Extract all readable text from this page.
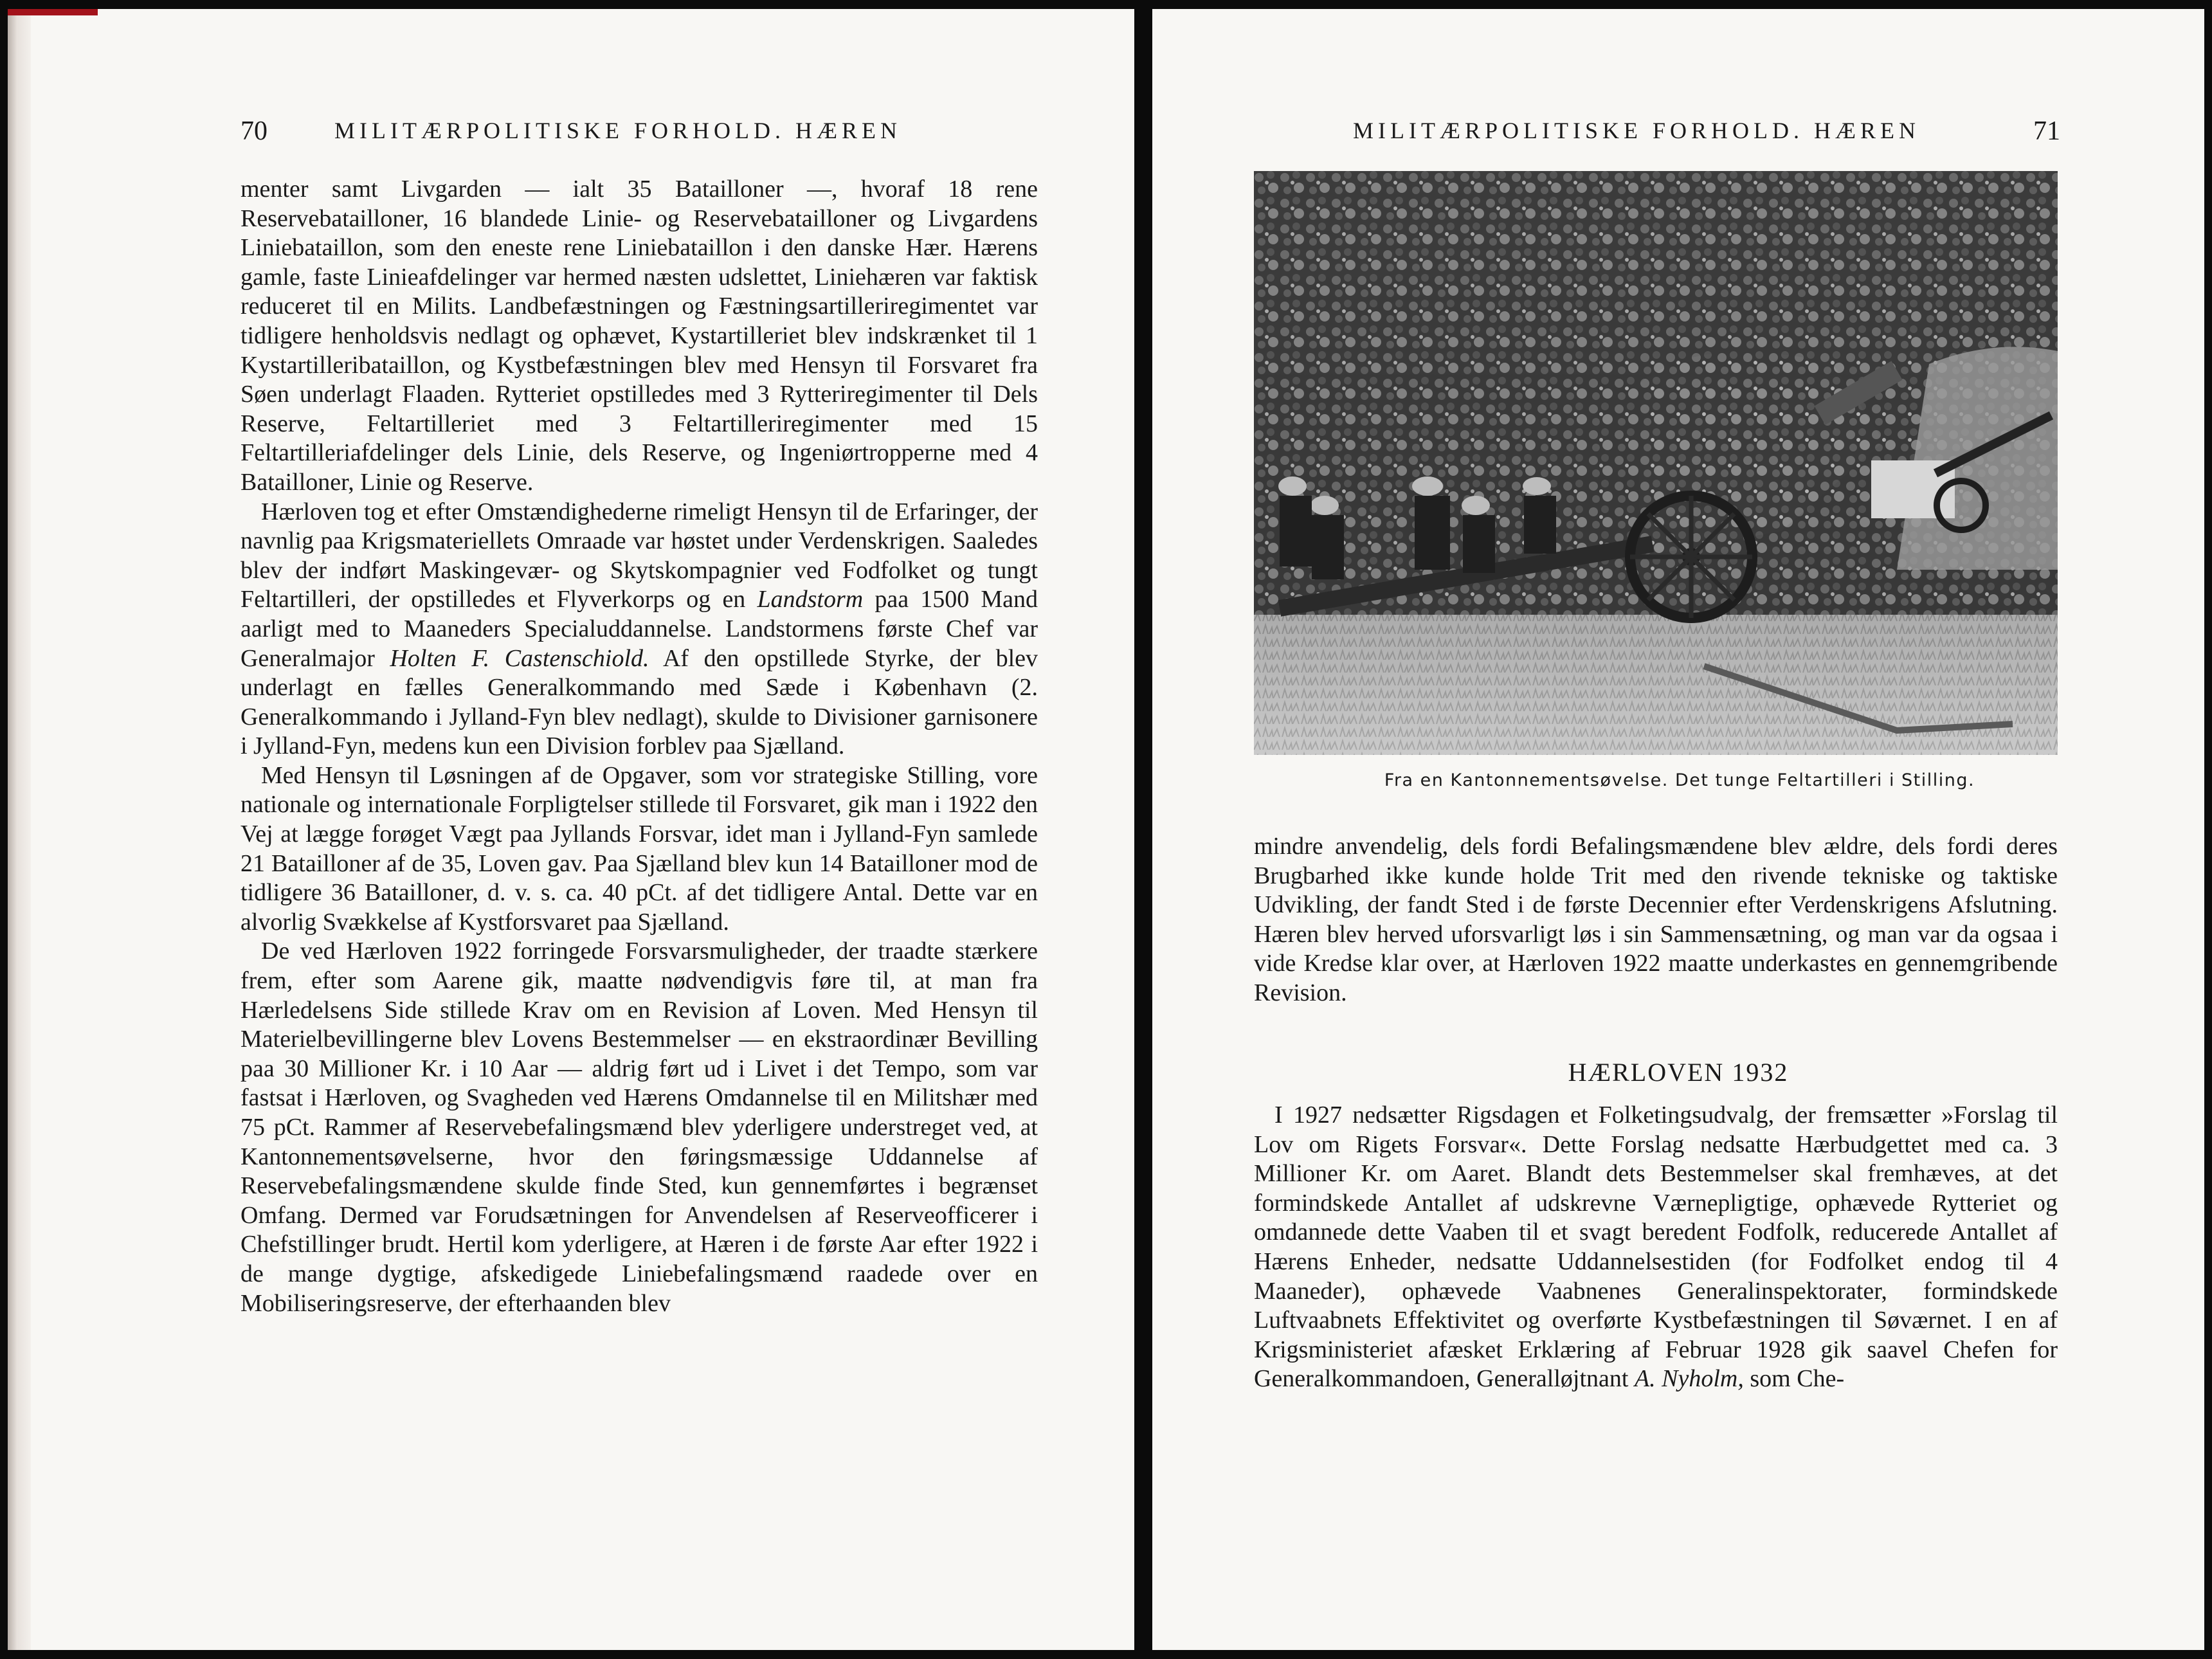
70	MILITÆRPOLITISKE FORHOLD. HÆREN

menter samt Livgarden — ialt 35 Batailloner —, hvoraf 18 rene Reservebatailloner, 16 blandede Linie- og Reservebatailloner og Livgardens Liniebataillon, som den eneste rene Liniebataillon i den danske Hær. Hærens gamle, faste Linieafdelinger var hermed næsten udslettet, Liniehæren var faktisk reduceret til en Milits. Landbefæstningen og Fæstningsartilleriregimentet var tidligere henholdsvis nedlagt og ophævet, Kystartilleriet blev indskrænket til 1 Kystartilleribataillon, og Kystbefæstningen blev med Hensyn til Forsvaret fra Søen underlagt Flaaden. Rytteriet opstilledes med 3 Rytteriregimenter til Dels Reserve, Feltartilleriet med 3 Feltartilleriregimenter med 15 Feltartilleriafdelinger dels Linie, dels Reserve, og Ingeniørtropperne med 4 Batailloner, Linie og Reserve.

Hærloven tog et efter Omstændighederne rimeligt Hensyn til de Erfaringer, der navnlig paa Krigsmateriellets Omraade var høstet under Verdenskrigen. Saaledes blev der indført Maskingevær- og Skytskompagnier ved Fodfolket og tungt Feltartilleri, der opstilledes et Flyverkorps og en Landstorm paa 1500 Mand aarligt med to Maaneders Specialuddannelse. Landstormens første Chef var Generalmajor Holten F. Castenschiold. Af den opstillede Styrke, der blev underlagt en fælles Generalkommando med Sæde i København (2. Generalkommando i Jylland-Fyn blev nedlagt), skulde to Divisioner garnisonere i Jylland-Fyn, medens kun een Division forblev paa Sjælland.

Med Hensyn til Løsningen af de Opgaver, som vor strategiske Stilling, vore nationale og internationale Forpligtelser stillede til Forsvaret, gik man i 1922 den Vej at lægge forøget Vægt paa Jyllands Forsvar, idet man i Jylland-Fyn samlede 21 Batailloner af de 35, Loven gav. Paa Sjælland blev kun 14 Batailloner mod de tidligere 36 Batailloner, d. v. s. ca. 40 pCt. af det tidligere Antal. Dette var en alvorlig Svækkelse af Kystforsvaret paa Sjælland.

De ved Hærloven 1922 forringede Forsvarsmuligheder, der traadte stærkere frem, efter som Aarene gik, maatte nødvendigvis føre til, at man fra Hærledelsens Side stillede Krav om en Revision af Loven. Med Hensyn til Materielbevillingerne blev Lovens Bestemmelser — en ekstraordinær Bevilling paa 30 Millioner Kr. i 10 Aar — aldrig ført ud i Livet i det Tempo, som var fastsat i Hærloven, og Svagheden ved Hærens Omdannelse til en Militshær med 75 pCt. Rammer af Reservebefalingsmænd blev yderligere understreget ved, at Kantonnementsøvelserne, hvor den føringsmæssige Uddannelse af Reservebefalingsmændene skulde finde Sted, kun gennemførtes i begrænset Omfang. Dermed var Forudsætningen for Anvendelsen af Reserveofficerer i Chefstillinger brudt. Hertil kom yderligere, at Hæren i de første Aar efter 1922 i de mange dygtige, afskedigede Liniebefalingsmænd raadede over en Mobiliseringsreserve, der efterhaanden blev

MILITÆRPOLITISKE FORHOLD. HÆREN	71
Fra en Kantonnementsøvelse. Det tunge Feltartilleri i Stilling.

mindre anvendelig, dels fordi Befalingsmændene blev ældre, dels fordi deres Brugbarhed ikke kunde holde Trit med den rivende tekniske og taktiske Udvikling, der fandt Sted i de første Decennier efter Verdenskrigens Afslutning. Hæren blev herved uforsvarligt løs i sin Sammensætning, og man var da ogsaa i vide Kredse klar over, at Hærloven 1922 maatte underkastes en gennemgribende Revision.

HÆRLOVEN 1932

I 1927 nedsætter Rigsdagen et Folketingsudvalg, der fremsætter »Forslag til Lov om Rigets Forsvar«. Dette Forslag nedsatte Hærbudgettet med ca. 3 Millioner Kr. om Aaret. Blandt dets Bestemmelser skal fremhæves, at det formindskede Antallet af udskrevne Værnepligtige, ophævede Rytteriet og omdannede dette Vaaben til et svagt beredent Fodfolk, reducerede Antallet af Hærens Enheder, nedsatte Uddannelsestiden (for Fodfolket endog til 4 Maaneder), ophævede Vaabnenes Generalinspektorater, formindskede Luftvaabnets Effektivitet og overførte Kystbefæstningen til Søværnet. I en af Krigsministeriet afæsket Erklæring af Februar 1928 gik saavel Chefen for Generalkommandoen, Generalløjtnant A. Nyholm, som Che-
